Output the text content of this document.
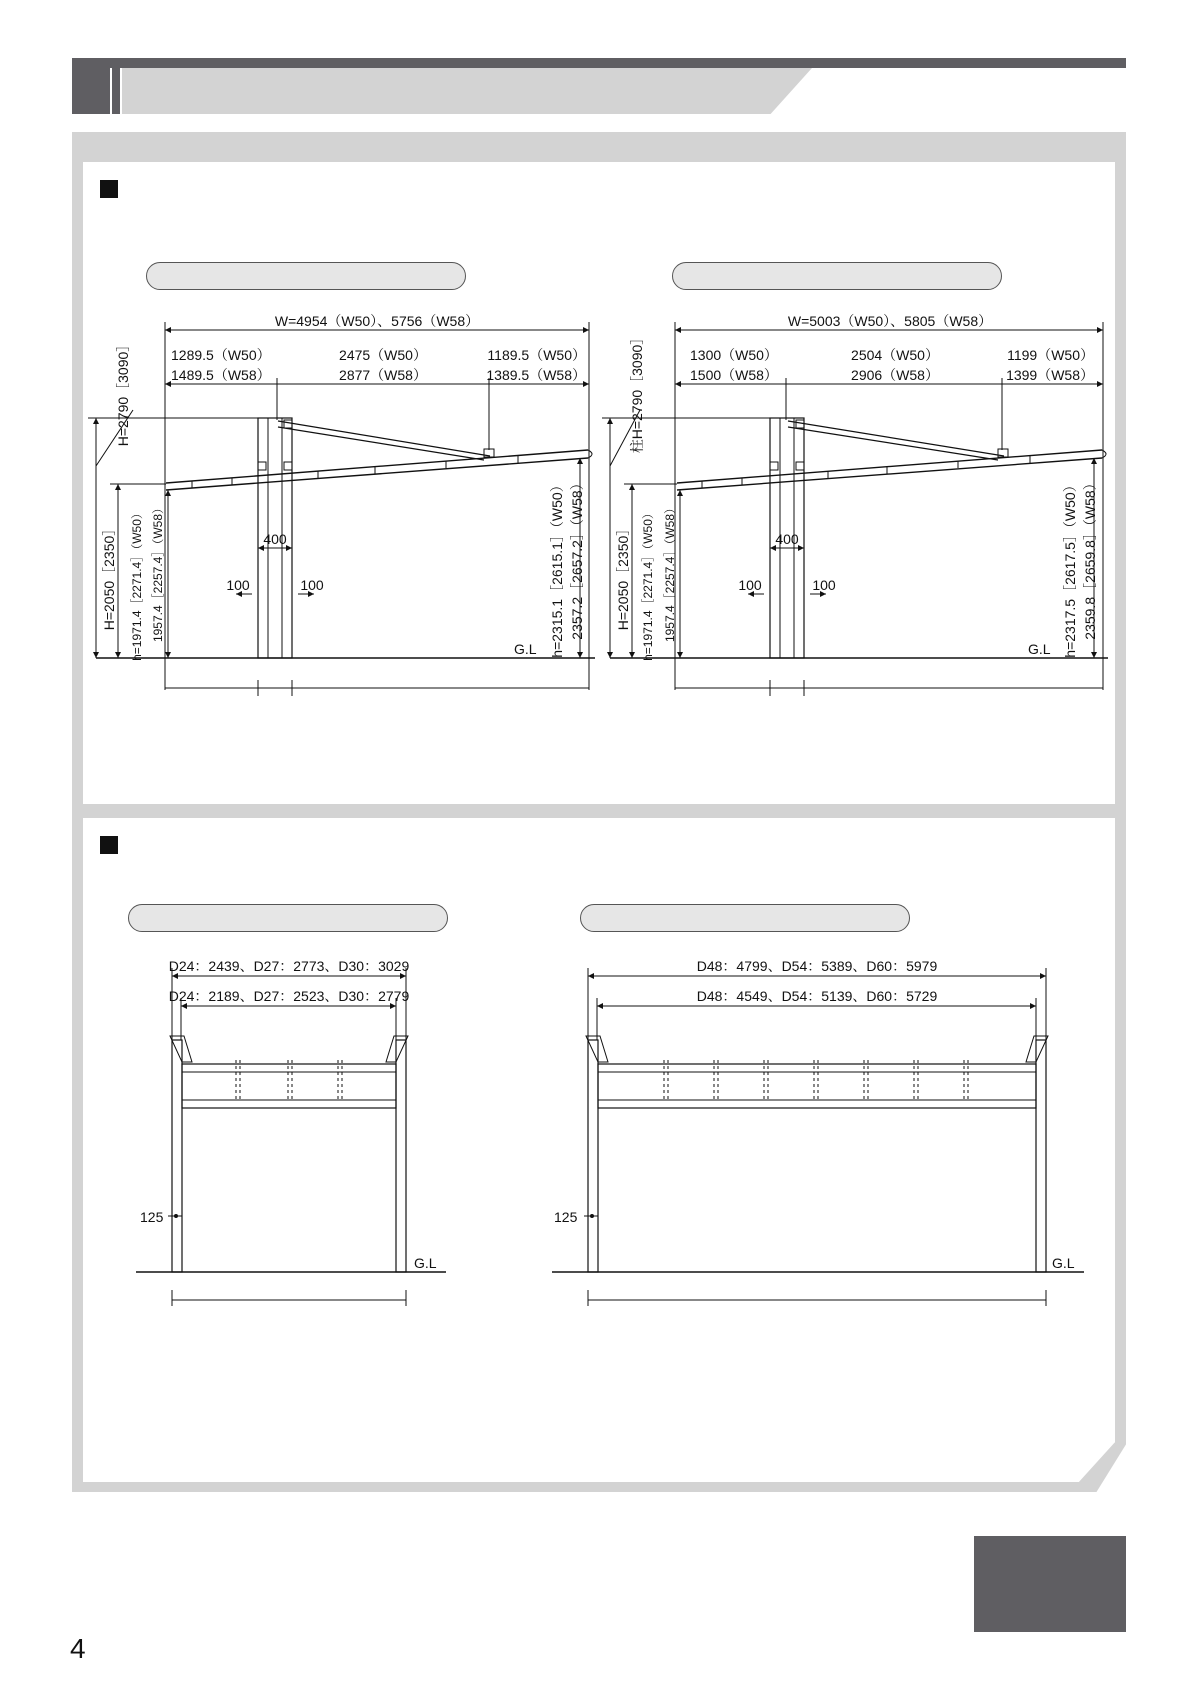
W=4954（W50）、5756（W58）
1289.5（W50）
1489.5（W58）
2475（W50）
2877（W58）
1189.5（W50）
1389.5（W58）
400
100	100
G.L
H=2790［3090］
H=2050［2350］ h=1971.4［2271.4］（W50） 1957.4［2257.4］（W58）	h=2315.1［2615.1］（W50） 2357.2［2657.2］（W58）
W=5003（W50）、5805（W58）
1300（W50）
1500（W58）
2504（W50）
2906（W58）
1199（W50）
1399（W58）
400
100	100
G.L
柱H=2790［3090］
H=2050［2350］ h=1971.4［2271.4］（W50） 1957.4［2257.4］（W58）	h=2317.5［2617.5］（W50） 2359.8［2659.8］（W58）
D24：2439、D27：2773、D30：3029
D24：2189、D27：2523、D30：2779
125
G.L
D48：4799、D54：5389、D60：5979
D48：4549、D54：5139、D60：5729
125
G.L
4
